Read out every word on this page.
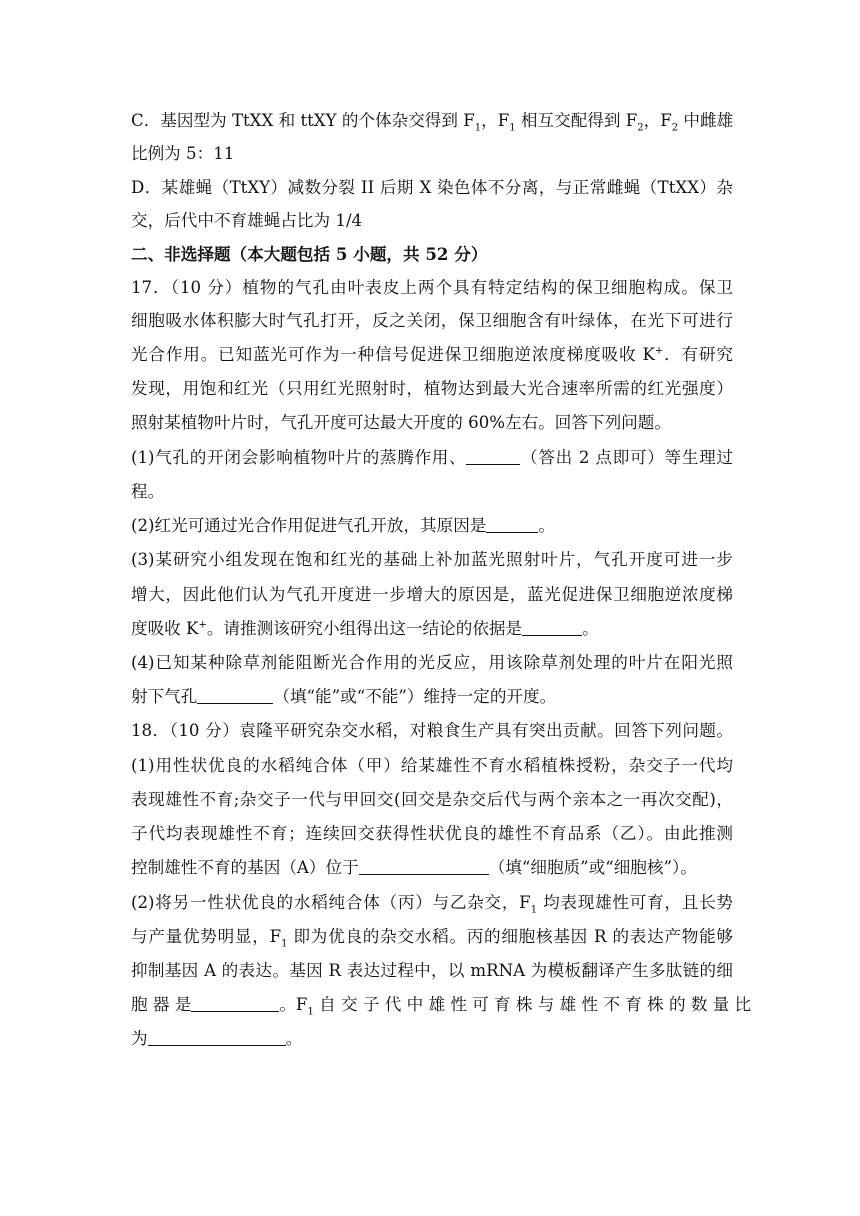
C．基因型为 TtXX 和 ttXY 的个体杂交得到 $F_1$，$F_1$ 相互交配得到 $F_2$，$F_2$ 中雌雄
比例为 5：11
D．某雄蝇（TtXY）减数分裂 II 后期 X 染色体不分离，与正常雌蝇（TtXX）杂
交，后代中不育雄蝇占比为 1/4
二、非选择题（本大题包括 5 小题，共 52 分）
17．（10 分）植物的气孔由叶表皮上两个具有特定结构的保卫细胞构成。保卫
细胞吸水体积膨大时气孔打开，反之关闭，保卫细胞含有叶绿体，在光下可进行
光合作用。已知蓝光可作为一种信号促进保卫细胞逆浓度梯度吸收 K+．有研究
发现，用饱和红光（只用红光照射时，植物达到最大光合速率所需的红光强度）
照射某植物叶片时，气孔开度可达最大开度的 60%左右。回答下列问题。
(1)气孔的开闭会影响植物叶片的蒸腾作用、	（答出 2 点即可）等生理过
程。
(2)红光可通过光合作用促进气孔开放，其原因是	。
(3)某研究小组发现在饱和红光的基础上补加蓝光照射叶片，气孔开度可进一步
增大，因此他们认为气孔开度进一步增大的原因是，蓝光促进保卫细胞逆浓度梯
度吸收 K+。请推测该研究小组得出这一结论的依据是	。
(4)已知某种除草剂能阻断光合作用的光反应，用该除草剂处理的叶片在阳光照
射下气孔	（填“能”或“不能”）维持一定的开度。
18．（10 分）袁隆平研究杂交水稻，对粮食生产具有突出贡献。回答下列问题。
(1)用性状优良的水稻纯合体（甲）给某雄性不育水稻植株授粉，杂交子一代均
表现雄性不育;杂交子一代与甲回交(回交是杂交后代与两个亲本之一再次交配)，
子代均表现雄性不育；连续回交获得性状优良的雄性不育品系（乙）。由此推测
控制雄性不育的基因（A）位于	（填“细胞质”或“细胞核”）。
(2)将另一性状优良的水稻纯合体（丙）与乙杂交，$F_1$ 均表现雄性可育，且长势
与产量优势明显，$F_1$ 即为优良的杂交水稻。丙的细胞核基因 R 的表达产物能够
抑制基因 A 的表达。基因 R 表达过程中，以 mRNA 为模板翻译产生多肽链的细
胞 器 是	。$F_1$ 自 交 子 代 中 雄 性 可 育 株 与 雄 性 不 育 株 的 数 量 比
为	。
